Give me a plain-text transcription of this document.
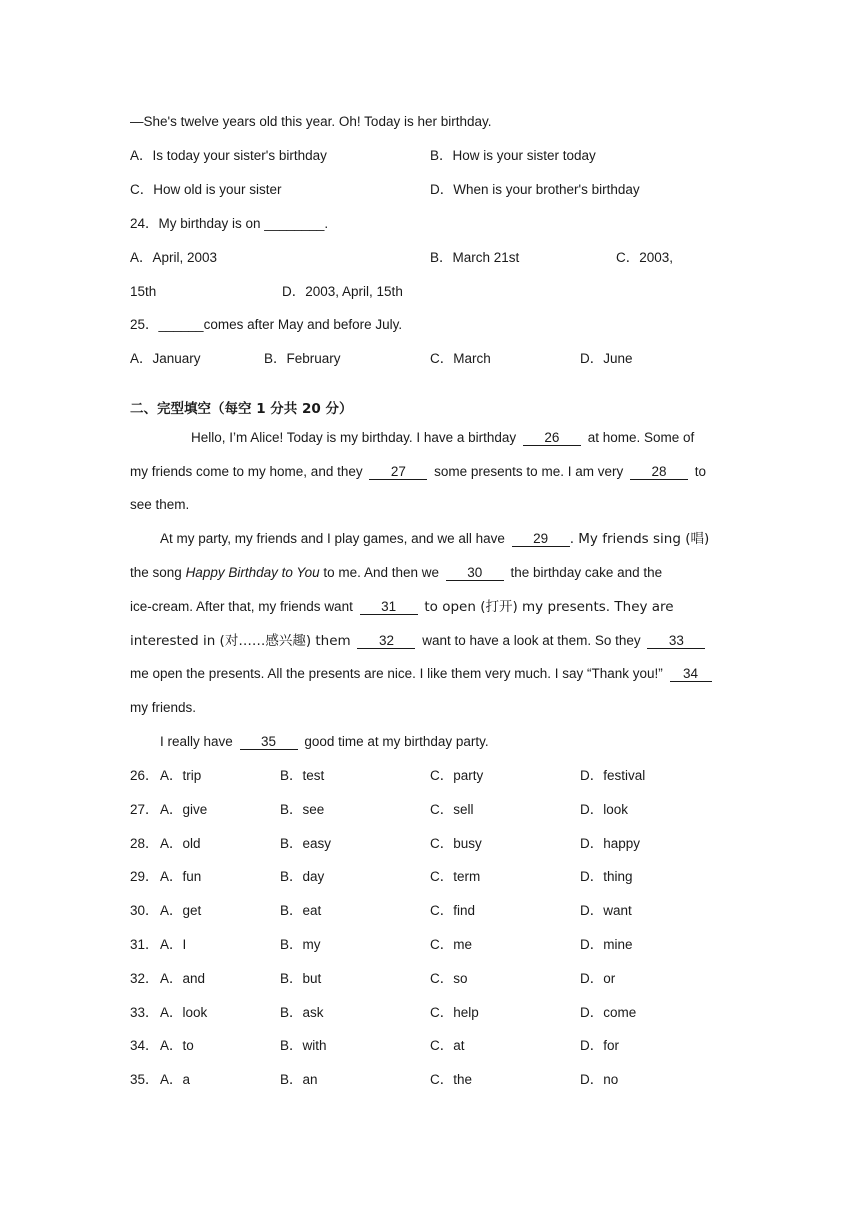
—She's twelve years old this year. Oh! Today is her birthday.
A．Is today your sister's birthday	B．How is your sister today
C．How old is your sister	D．When is your brother's birthday
24．My birthday is on ________.
A．April, 2003	B．March 21st	C．2003,
15th	D．2003, April, 15th
25．______comes after May and before July.
A．January	B．February	C．March	D．June
二、完型填空（每空 1 分共 20 分）
Hello, I’m Alice! Today is my birthday. I have a birthday 26 at home. Some of
my friends come to my home, and they 27 some presents to me. I am very 28 to
see them.
At my party, my friends and I play games, and we all have 29 . My friends sing (唱)
the song Happy Birthday to You to me. And then we 30 the birthday cake and the
ice-cream. After that, my friends want 31 to open (打开) my presents. They are
interested in (对……感兴趣) them 32 want to have a look at them. So they 33
me open the presents. All the presents are nice. I like them very much. I say “Thank you!” 34
my friends.
I really have 35 good time at my birthday party.
26． A．trip	B．test	C．party	D．festival
27． A．give	B．see	C．sell	D．look
28． A．old	B．easy	C．busy	D．happy
29． A．fun	B．day	C．term	D．thing
30． A．get	B．eat	C．find	D．want
31． A．I	B．my	C．me	D．mine
32． A．and	B．but	C．so	D．or
33． A．look	B．ask	C．help	D．come
34． A．to	B．with	C．at	D．for
35． A．a	B．an	C．the	D．no
